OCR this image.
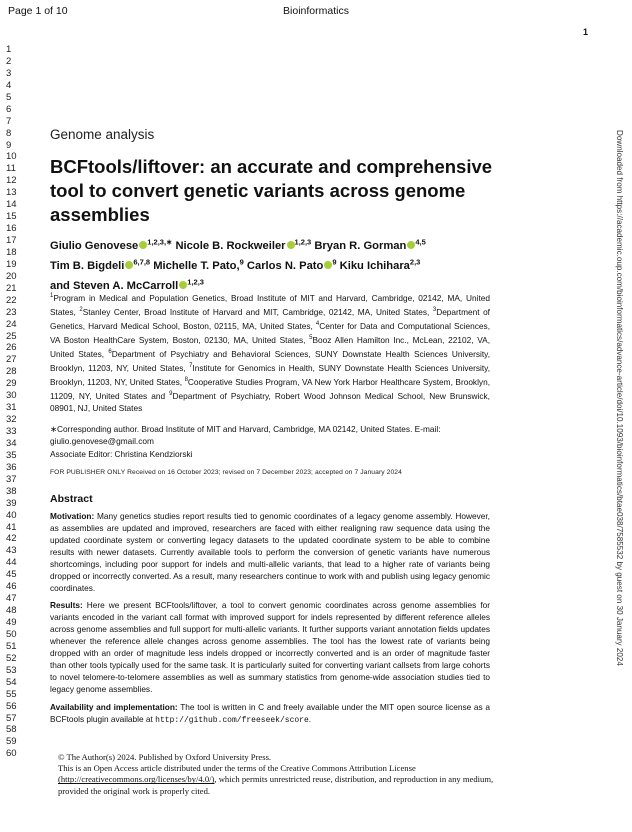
Page 1 of 10	Bioinformatics
1
1
2
3
4
5
6
7
8
9
10
11
12
13
14
15
16
17
18
19
20
21
22
23
24
25
26
27
28
29
30
31
32
33
34
35
36
37
38
39
40
41
42
43
44
45
46
47
48
49
50
51
52
53
54
55
56
57
58
59
60
Downloaded from https://academic.oup.com/bioinformatics/advance-article/doi/10.1093/bioinformatics/btae038/7585532 by guest on 30 January 2024
Genome analysis
BCFtools/liftover: an accurate and comprehensive tool to convert genetic variants across genome assemblies
Giulio Genovese $^{1,2,3,∗}$ Nicole B. Rockweiler $^{1,2,3}$ Bryan R. Gorman $^{4,5}$ Tim B. Bigdeli $^{6,7,8}$ Michelle T. Pato,$^9$ Carlos N. Pato $^9$ Kiku Ichihara$^{2,3}$ and Steven A. McCarroll $^{1,2,3}$

$^1$Program in Medical and Population Genetics, Broad Institute of MIT and Harvard, Cambridge, 02142, MA, United States, $^2$Stanley Center, Broad Institute of Harvard and MIT, Cambridge, 02142, MA, United States, $^3$Department of Genetics, Harvard Medical School, Boston, 02115, MA, United States, $^4$Center for Data and Computational Sciences, VA Boston HealthCare System, Boston, 02130, MA, United States, $^5$Booz Allen Hamilton Inc., McLean, 22102, VA, United States, $^6$Department of Psychiatry and Behavioral Sciences, SUNY Downstate Health Sciences University, Brooklyn, 11203, NY, United States, $^7$Institute for Genomics in Health, SUNY Downstate Health Sciences University, Brooklyn, 11203, NY, United States, $^8$Cooperative Studies Program, VA New York Harbor Healthcare System, Brooklyn, 11209, NY, United States and $^9$Department of Psychiatry, Robert Wood Johnson Medical School, New Brunswick, 08901, NJ, United States

∗Corresponding author. Broad Institute of MIT and Harvard, Cambridge, MA 02142, United States. E-mail: giulio.genovese@gmail.com

Associate Editor: Christina Kendziorski
FOR PUBLISHER ONLY Received on 16 October 2023; revised on 7 December 2023; accepted on 7 January 2024
Abstract

Motivation: Many genetics studies report results tied to genomic coordinates of a legacy genome assembly. However, as assemblies are updated and improved, researchers are faced with either realigning raw sequence data using the updated coordinate system or converting legacy datasets to the updated coordinate system to be able to combine results with newer datasets. Currently available tools to perform the conversion of genetic variants have numerous shortcomings, including poor support for indels and multi-allelic variants, that lead to a higher rate of variants being dropped or incorrectly converted. As a result, many researchers continue to work with and publish using legacy genomic coordinates.

Results: Here we present BCFtools/liftover, a tool to convert genomic coordinates across genome assemblies for variants encoded in the variant call format with improved support for indels represented by different reference alleles across genome assemblies and full support for multi-allelic variants. It further supports variant annotation fields updates whenever the reference allele changes across genome assemblies. The tool has the lowest rate of variants being dropped with an order of magnitude less indels dropped or incorrectly converted and is an order of magnitude faster than other tools typically used for the same task. It is particularly suited for converting variant callsets from large cohorts to novel telomere-to-telomere assemblies as well as summary statistics from genome-wide association studies tied to legacy genome assemblies.

Availability and implementation: The tool is written in C and freely available under the MIT open source license as a BCFtools plugin available at http://github.com/freeseek/score.

© The Author(s) 2024. Published by Oxford University Press.
This is an Open Access article distributed under the terms of the Creative Commons Attribution License
(http://creativecommons.org/licenses/by/4.0/), which permits unrestricted reuse, distribution, and reproduction in any medium,
provided the original work is properly cited.
